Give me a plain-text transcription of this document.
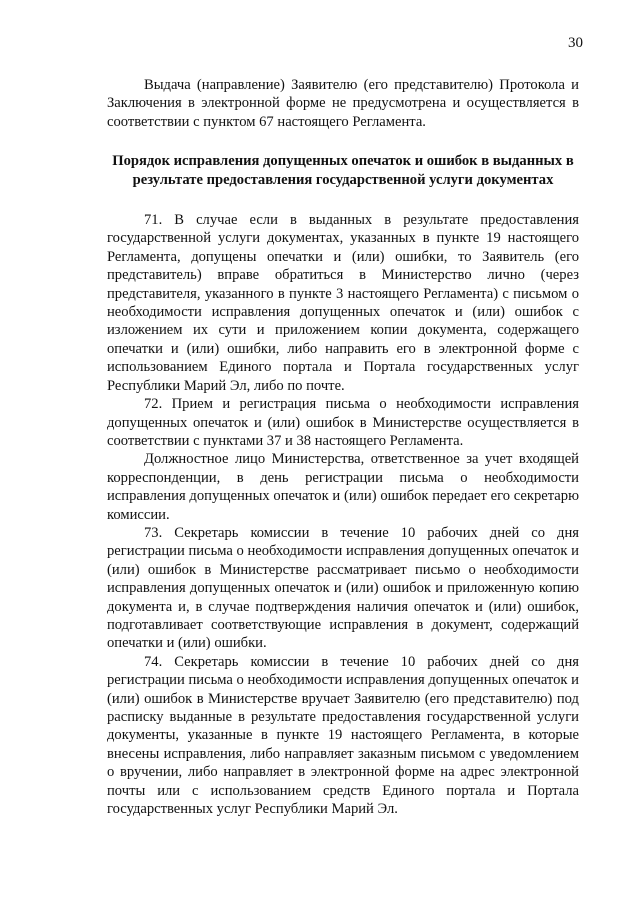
30

Выдача (направление) Заявителю (его представителю) Протокола и Заключения в электронной форме не предусмотрена и осуществляется в соответствии с пунктом 67 настоящего Регламента.

Порядок исправления допущенных опечаток и ошибок в выданных в результате предоставления государственной услуги документах

71. В случае если в выданных в результате предоставления государственной услуги документах, указанных в пункте 19 настоящего Регламента, допущены опечатки и (или) ошибки, то Заявитель (его представитель) вправе обратиться в Министерство лично (через представителя, указанного в пункте 3 настоящего Регламента) с письмом о необходимости исправления допущенных опечаток и (или) ошибок с изложением их сути и приложением копии документа, содержащего опечатки и (или) ошибки, либо направить его в электронной форме с использованием Единого портала и Портала государственных услуг Республики Марий Эл, либо по почте.

72. Прием и регистрация письма о необходимости исправления допущенных опечаток и (или) ошибок в Министерстве осуществляется в соответствии с пунктами 37 и 38 настоящего Регламента.

Должностное лицо Министерства, ответственное за учет входящей корреспонденции, в день регистрации письма о необходимости исправления допущенных опечаток и (или) ошибок передает его секретарю комиссии.

73. Секретарь комиссии в течение 10 рабочих дней со дня регистрации письма о необходимости исправления допущенных опечаток и (или) ошибок в Министерстве рассматривает письмо о необходимости исправления допущенных опечаток и (или) ошибок и приложенную копию документа и, в случае подтверждения наличия опечаток и (или) ошибок, подготавливает соответствующие исправления в документ, содержащий опечатки и (или) ошибки.

74. Секретарь комиссии в течение 10 рабочих дней со дня регистрации письма о необходимости исправления допущенных опечаток и (или) ошибок в Министерстве вручает Заявителю (его представителю) под расписку выданные в результате предоставления государственной услуги документы, указанные в пункте 19 настоящего Регламента, в которые внесены исправления, либо направляет заказным письмом с уведомлением о вручении, либо направляет в электронной форме на адрес электронной почты или с использованием средств Единого портала и Портала государственных услуг Республики Марий Эл.
